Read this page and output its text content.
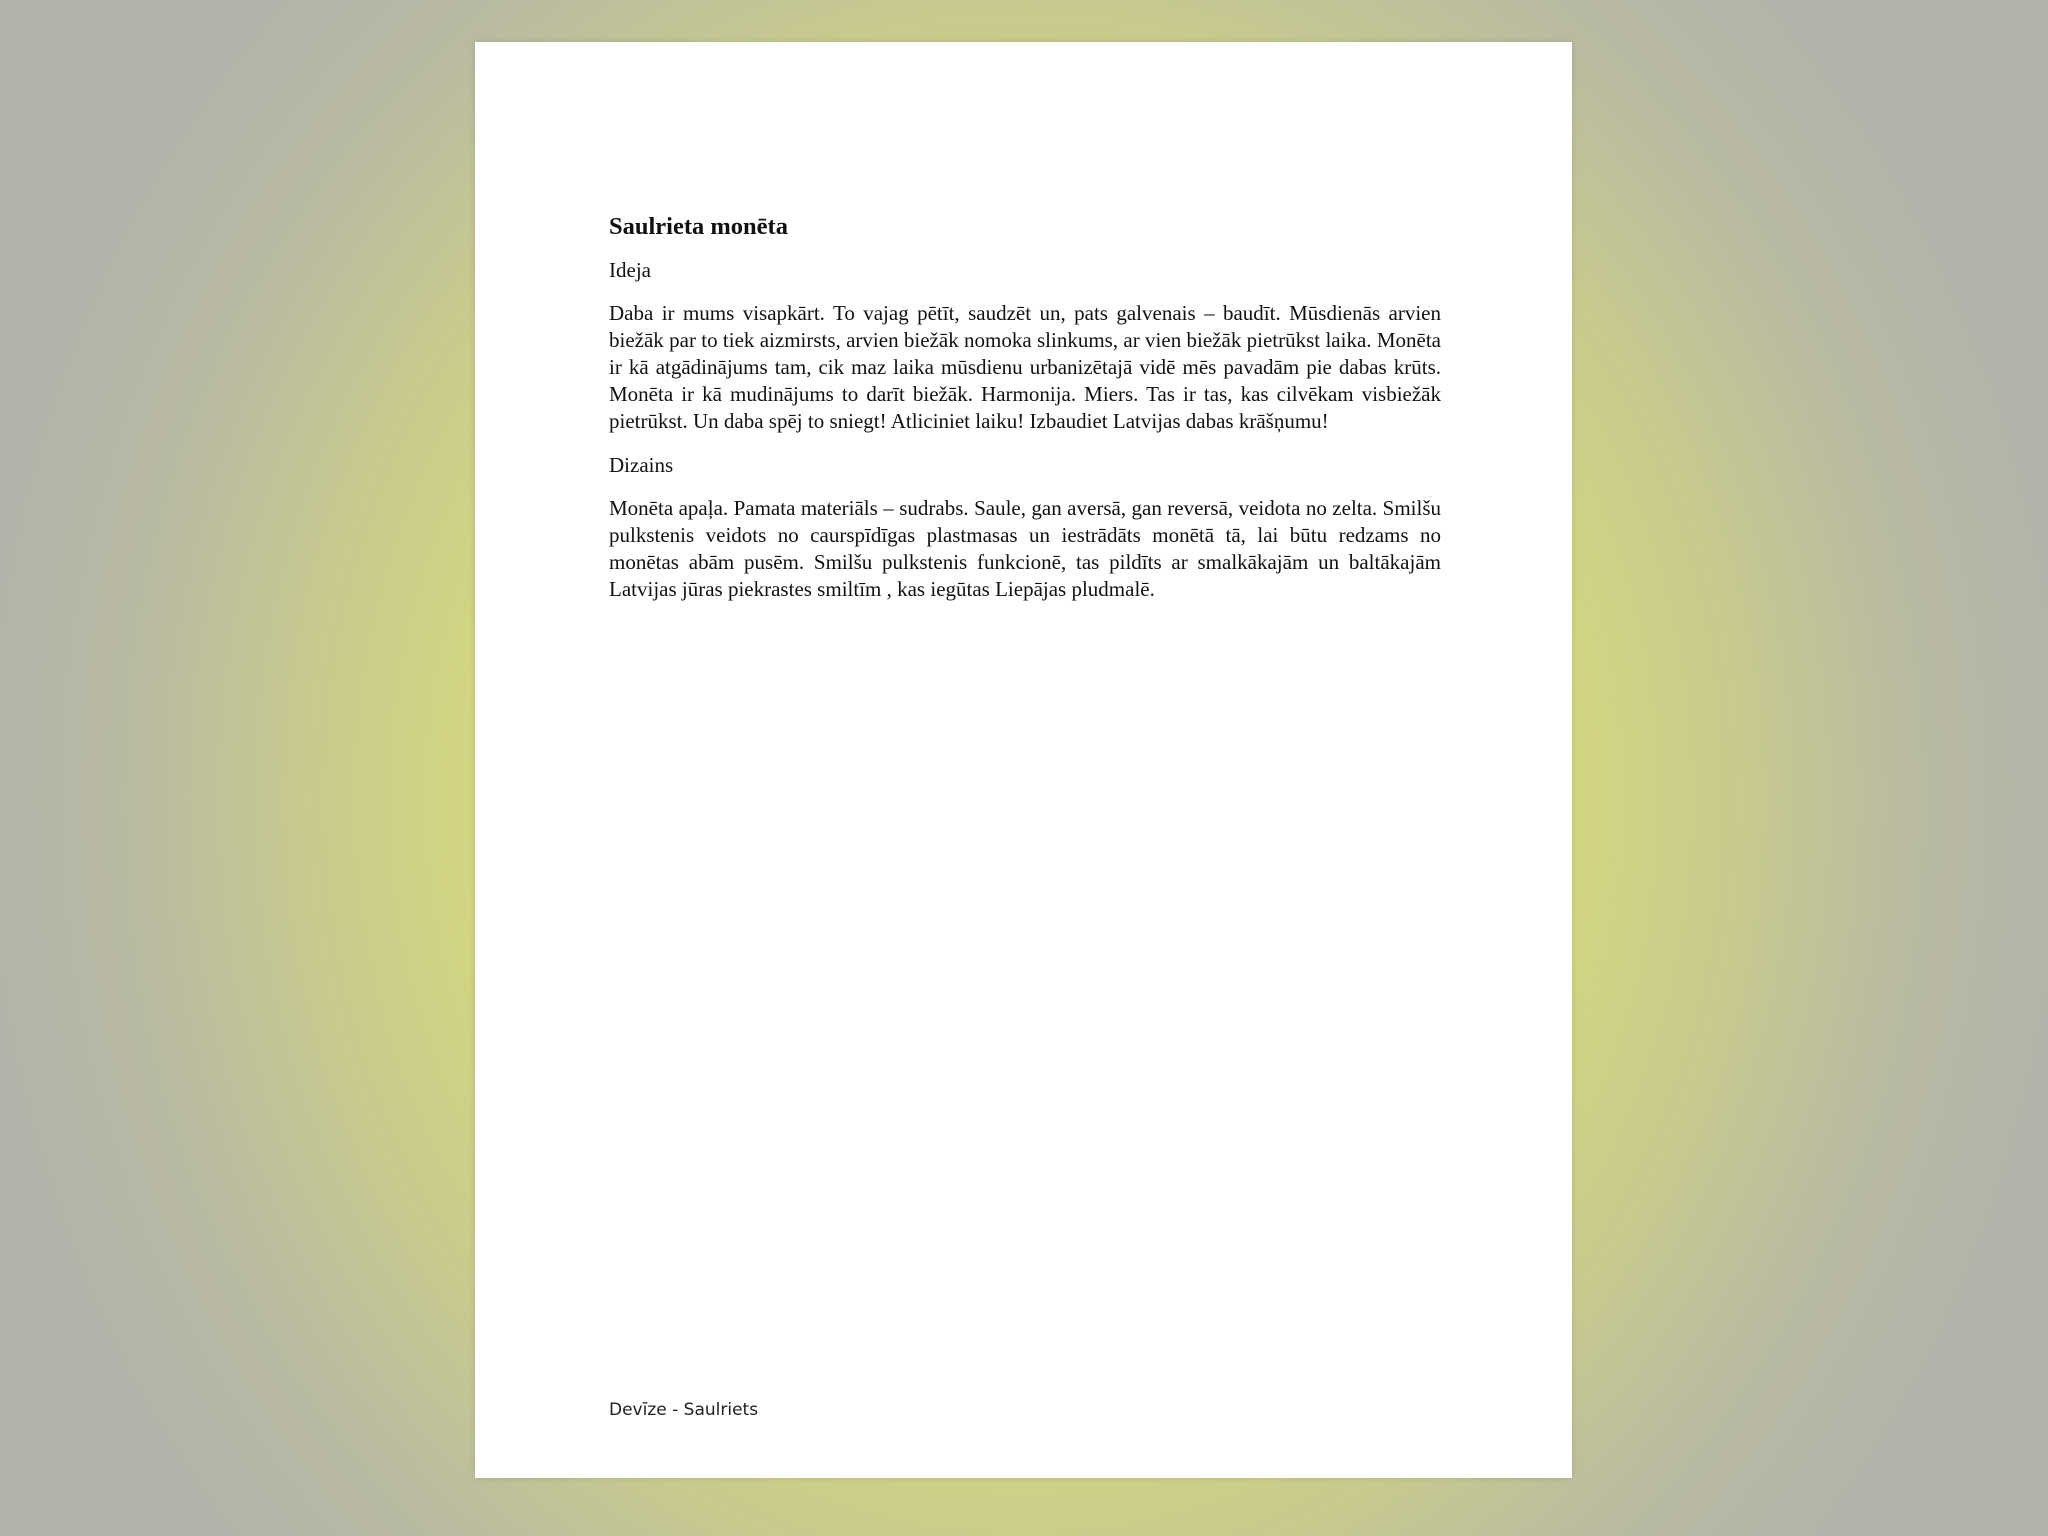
Saulrieta monēta
Ideja

Daba ir mums visapkārt. To vajag pētīt, saudzēt un, pats galvenais – baudīt. Mūsdienās arvien biežāk par to tiek aizmirsts, arvien biežāk nomoka slinkums, ar vien biežāk pietrūkst laika. Monēta ir kā atgādinājums tam, cik maz laika mūsdienu urbanizētajā vidē mēs pavadām pie dabas krūts. Monēta ir kā mudinājums to darīt biežāk. Harmonija. Miers. Tas ir tas, kas cilvēkam visbiežāk pietrūkst. Un daba spēj to sniegt! Atliciniet laiku! Izbaudiet Latvijas dabas krāšņumu!

Dizains

Monēta apaļa. Pamata materiāls – sudrabs. Saule, gan aversā, gan reversā, veidota no zelta. Smilšu pulkstenis veidots no caurspīdīgas plastmasas un iestrādāts monētā tā, lai būtu redzams no monētas abām pusēm. Smilšu pulkstenis funkcionē, tas pildīts ar smalkākajām un baltākajām Latvijas jūras piekrastes smiltīm , kas iegūtas Liepājas pludmalē.

Devīze - Saulriets
